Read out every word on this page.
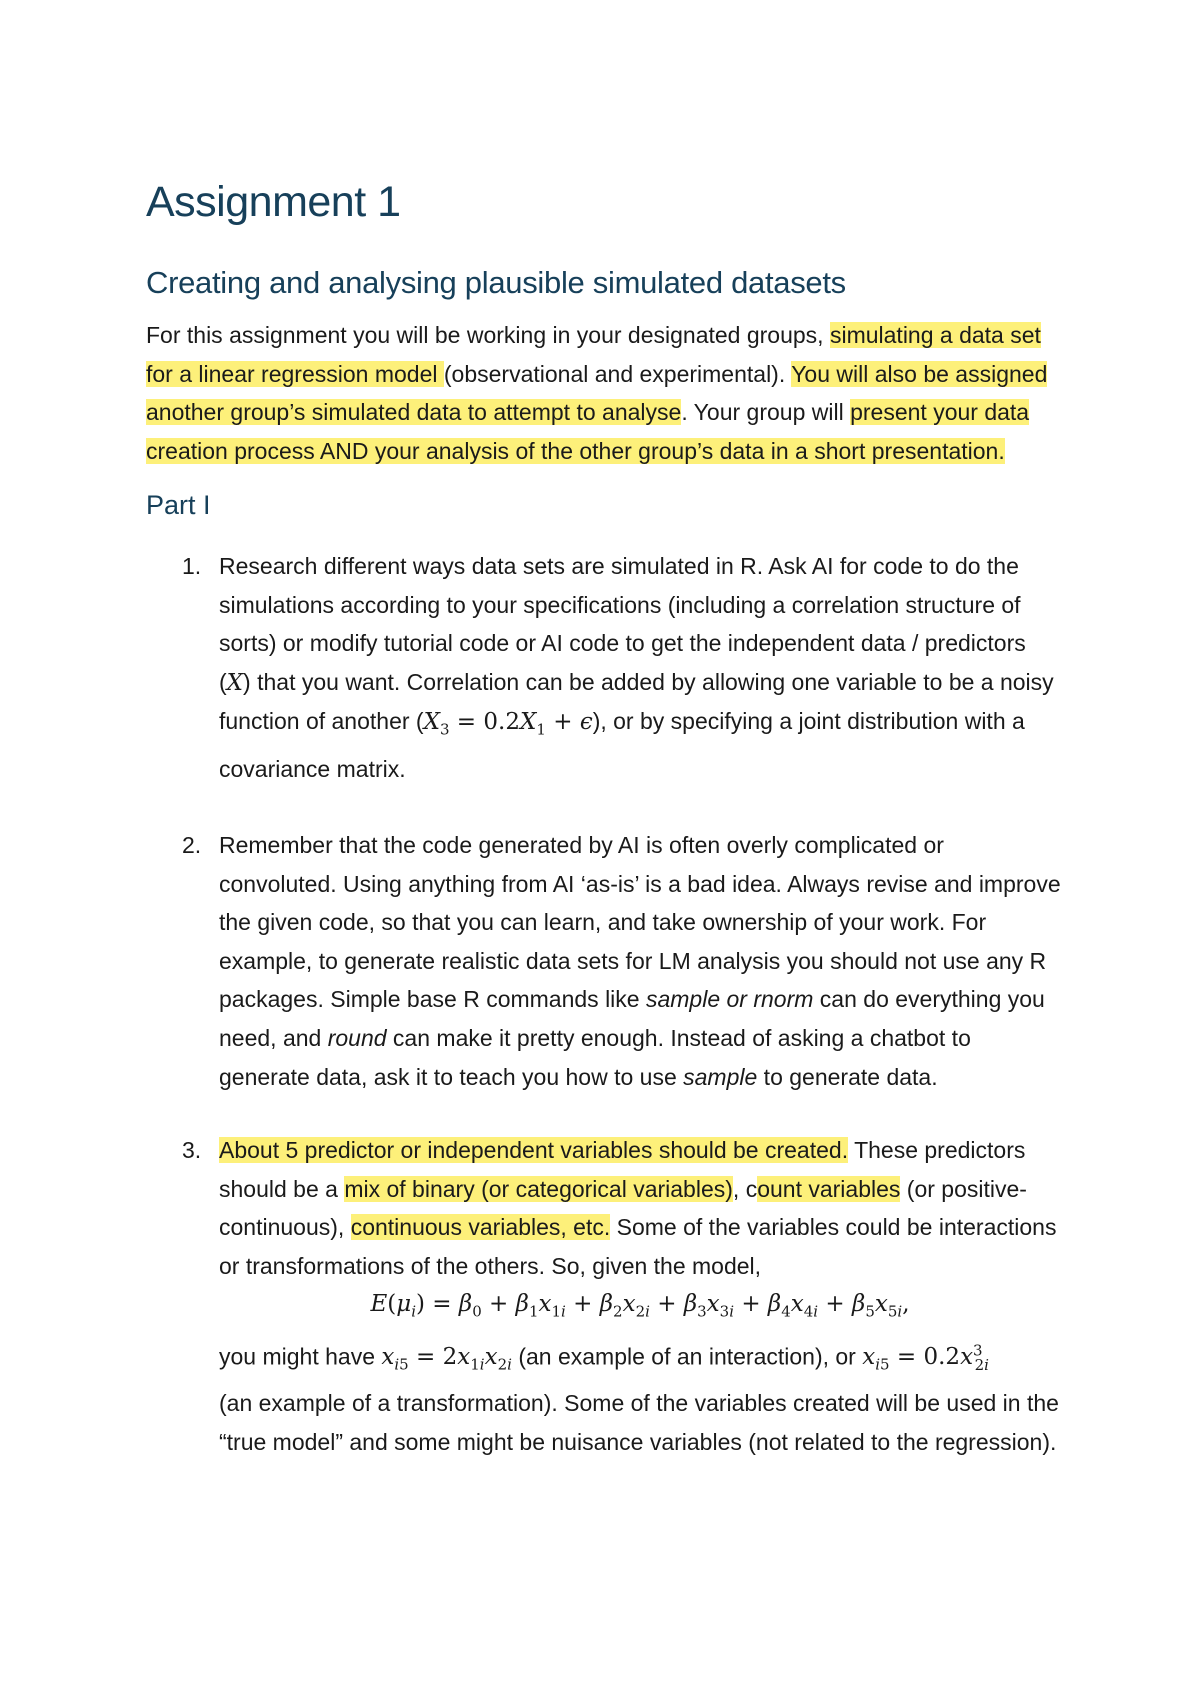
Assignment 1
Creating and analysing plausible simulated datasets

For this assignment you will be working in your designated groups, simulating a data set for a linear regression model (observational and experimental). You will also be assigned another group’s simulated data to attempt to analyse. Your group will present your data creation process AND your analysis of the other group’s data in a short presentation.

Part I
1. Research different ways data sets are simulated in R. Ask AI for code to do the simulations according to your specifications (including a correlation structure of sorts) or modify tutorial code or AI code to get the independent data / predictors (X) that you want. Correlation can be added by allowing one variable to be a noisy function of another $(X_3 = 0.2X_1 + \epsilon)$, or by specifying a joint distribution with a covariance matrix.

2. Remember that the code generated by AI is often overly complicated or convoluted. Using anything from AI ‘as-is’ is a bad idea. Always revise and improve the given code, so that you can learn, and take ownership of your work. For example, to generate realistic data sets for LM analysis you should not use any R packages. Simple base R commands like sample or rnorm can do everything you need, and round can make it pretty enough. Instead of asking a chatbot to generate data, ask it to teach you how to use sample to generate data.

3. About 5 predictor or independent variables should be created. These predictors should be a mix of binary (or categorical variables), count variables (or positive-continuous), continuous variables, etc. Some of the variables could be interactions or transformations of the others. So, given the model,
$E(\mu_i) = \beta_0 + \beta_1x_{1i} + \beta_2x_{2i} + \beta_3x_{3i} + \beta_4x_{4i} + \beta_5x_{5i}$,
you might have $x_{i5} = 2x_{1i}x_{2i}$ (an example of an interaction), or $x_{i5} = 0.2x^3_{2i}$
(an example of a transformation). Some of the variables created will be used in the “true model” and some might be nuisance variables (not related to the regression).
